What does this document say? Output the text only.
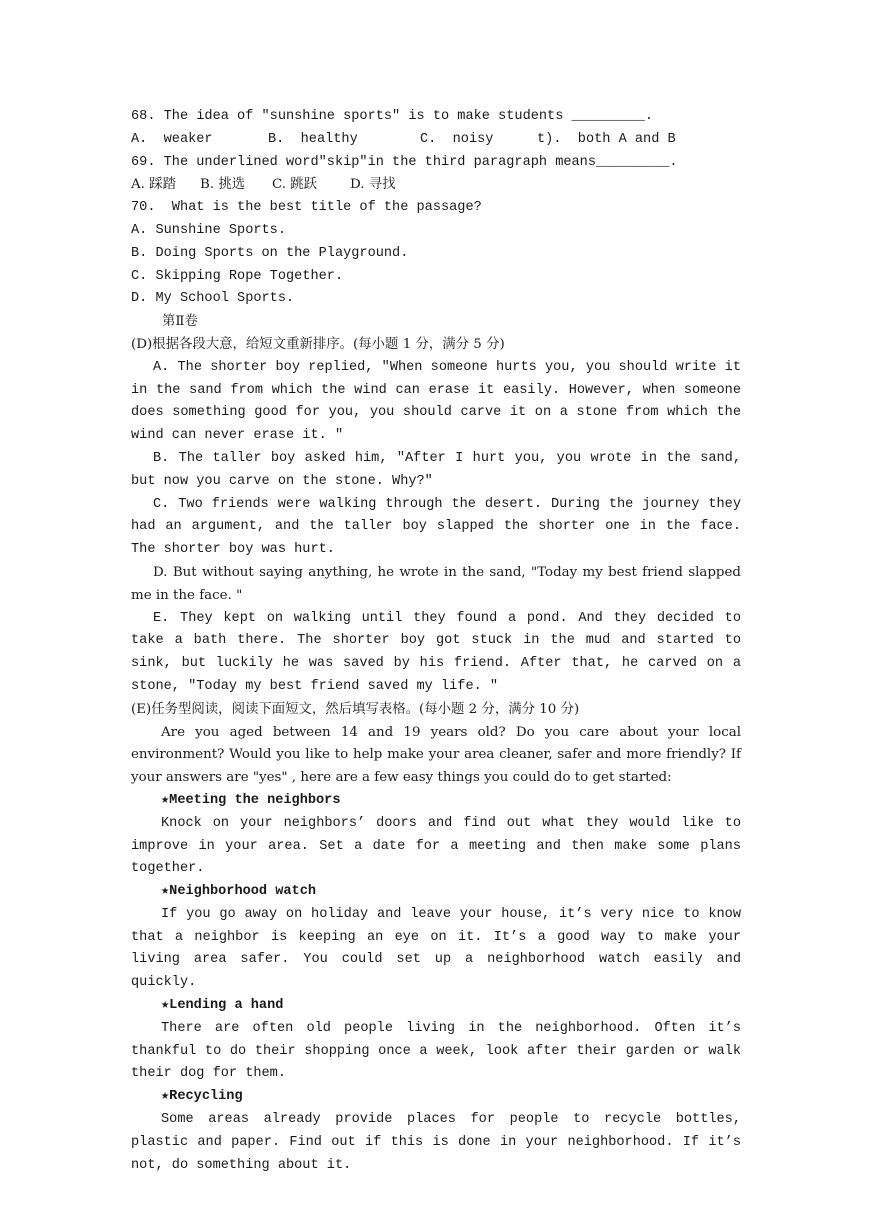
68. The idea of "sunshine sports" is to make students _________.
A.  weaker	B.  healthy	C.  noisy	t).  both A and B
69. The underlined word"skip"in the third paragraph means_________.
A. 踩踏	B. 挑选	C. 跳跃	D. 寻找
70.  What is the best title of the passage?
A. Sunshine Sports.
B. Doing Sports on the Playground.
C. Skipping Rope Together.
D. My School Sports.
第Ⅱ卷
(D)根据各段大意，给短文重新排序。(每小题 1 分，满分 5 分)
A. The shorter boy replied, "When someone hurts you, you should write it in the sand from which the wind can erase it easily. However, when someone does something good for you, you should carve it on a stone from which the wind can never erase it. "
B. The taller boy asked him, "After I hurt you, you wrote in the sand, but now you carve on the stone. Why?"
C. Two friends were walking through the desert. During the journey they had an argument, and the taller boy slapped the shorter one in the face. The shorter boy was hurt.
D. But without saying anything, he wrote in the sand, "Today my best friend slapped me in the face. "
E. They kept on walking until they found a pond. And they decided to take a bath there. The shorter boy got stuck in the mud and started to sink, but luckily he was saved by his friend. After that, he carved on a stone, "Today my best friend saved my life. "
(E)任务型阅读，阅读下面短文，然后填写表格。(每小题 2 分，满分 10 分)
Are you aged between 14 and 19 years old? Do you care about your local environment? Would you like to help make your area cleaner, safer and more friendly? If your answers are "yes" , here are a few easy things you could do to get started:
★Meeting the neighbors
Knock on your neighbors’ doors and find out what they would like to improve in your area. Set a date for a meeting and then make some plans together.
★Neighborhood watch
If you go away on holiday and leave your house, it’s very nice to know that a neighbor is keeping an eye on it. It’s a good way to make your living area safer. You could set up a neighborhood watch easily and quickly.
★Lending a hand
There are often old people living in the neighborhood. Often it’s thankful to do their shopping once a week, look after their garden or walk their dog for them.
★Recycling
Some areas already provide places for people to recycle bottles, plastic and paper. Find out if this is done in your neighborhood. If it’s not, do something about it.
